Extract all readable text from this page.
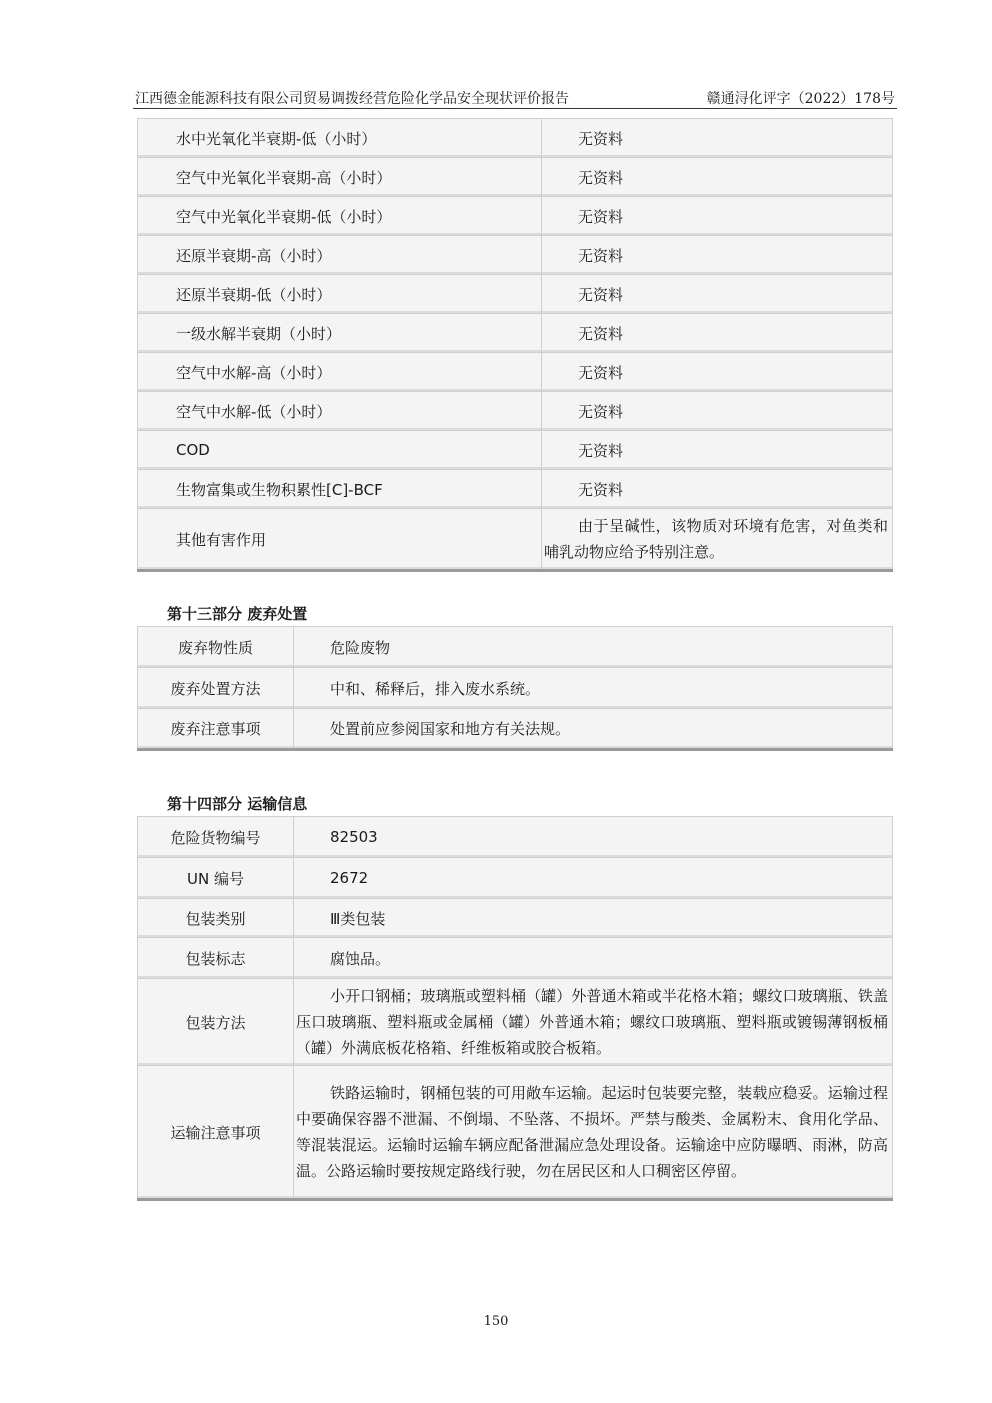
江西德金能源科技有限公司贸易调拨经营危险化学品安全现状评价报告	赣通浔化评字（2022）178号
水中光氧化半衰期-低（小时）	无资料
空气中光氧化半衰期-高（小时）	无资料
空气中光氧化半衰期-低（小时）	无资料
还原半衰期-高（小时）	无资料
还原半衰期-低（小时）	无资料
一级水解半衰期（小时）	无资料
空气中水解-高（小时）	无资料
空气中水解-低（小时）	无资料
COD	无资料
生物富集或生物积累性[C]-BCF	无资料
其他有害作用	由于呈碱性，该物质对环境有危害，对鱼类和哺乳动物应给予特别注意。
第十三部分 废弃处置
废弃物性质	危险废物
废弃处置方法	中和、稀释后，排入废水系统。
废弃注意事项	处置前应参阅国家和地方有关法规。
第十四部分 运输信息
危险货物编号	82503
UN 编号	2672
包装类别	Ⅲ类包装
包装标志	腐蚀品。
包装方法	小开口钢桶；玻璃瓶或塑料桶（罐）外普通木箱或半花格木箱；螺纹口玻璃瓶、铁盖压口玻璃瓶、塑料瓶或金属桶（罐）外普通木箱；螺纹口玻璃瓶、塑料瓶或镀锡薄钢板桶（罐）外满底板花格箱、纤维板箱或胶合板箱。
运输注意事项	铁路运输时，钢桶包装的可用敞车运输。起运时包装要完整，装载应稳妥。运输过程中要确保容器不泄漏、不倒塌、不坠落、不损坏。严禁与酸类、金属粉末、食用化学品、等混装混运。运输时运输车辆应配备泄漏应急处理设备。运输途中应防曝晒、雨淋，防高温。公路运输时要按规定路线行驶，勿在居民区和人口稠密区停留。
150
